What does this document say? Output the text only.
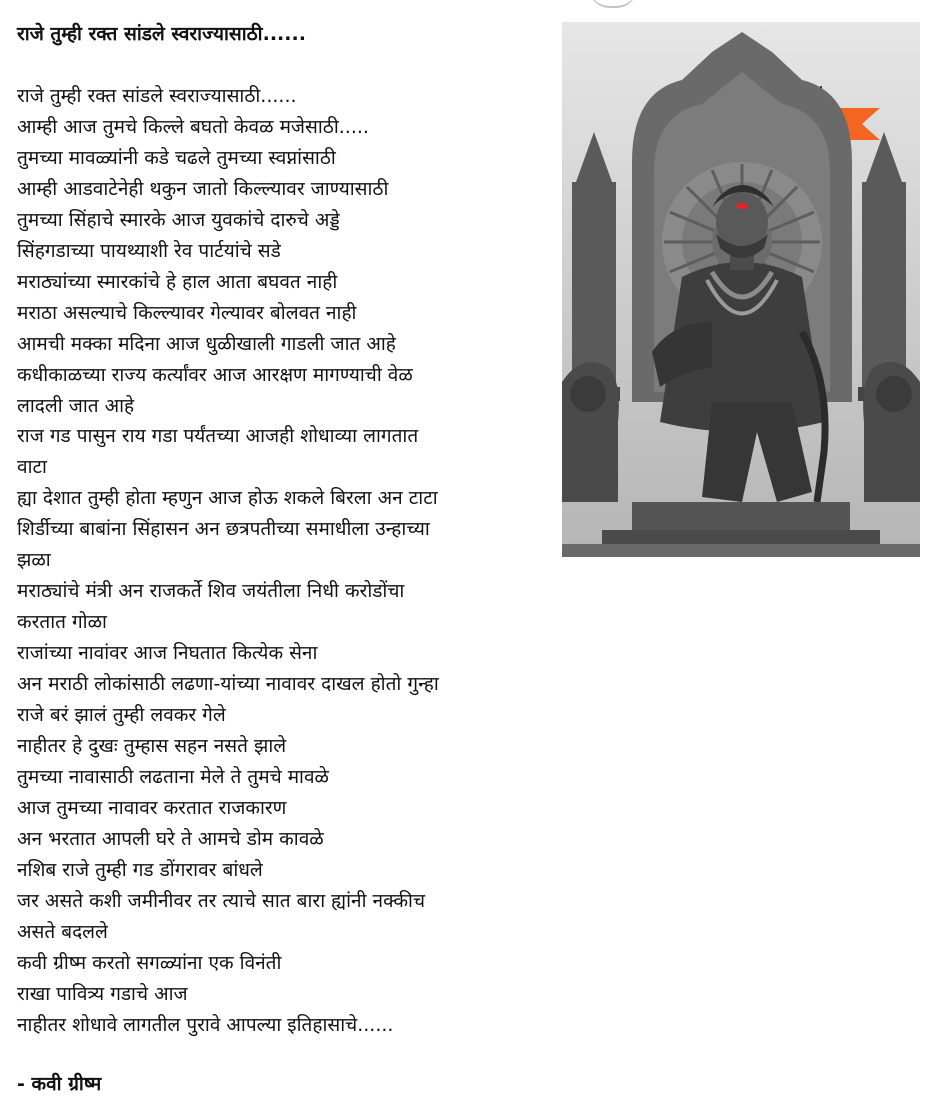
राजे तुम्ही रक्त सांडले स्वराज्यासाठी......
राजे तुम्ही रक्त सांडले स्वराज्यासाठी......
आम्ही आज तुमचे किल्ले बघतो केवळ मजेसाठी.....
तुमच्या मावळ्यांनी कडे चढले तुमच्या स्वप्नांसाठी
आम्ही आडवाटेनेही थकुन जातो किल्ल्यावर जाण्यासाठी
तुमच्या सिंहाचे स्मारके आज युवकांचे दारुचे अड्डे
सिंहगडाच्या पायथ्याशी रेव पार्टयांचे सडे
मराठ्यांच्या स्मारकांचे हे हाल आता बघवत नाही
मराठा असल्याचे किल्ल्यावर गेल्यावर बोलवत नाही
आमची मक्का मदिना आज धुळीखाली गाडली जात आहे
कधीकाळच्या राज्य कर्त्यांवर आज आरक्षण मागण्याची वेळ
लादली जात आहे
राज गड पासुन राय गडा पर्यंतच्या आजही शोधाव्या लागतात
वाटा
ह्या देशात तुम्ही होता म्हणुन आज होऊ शकले बिरला अन टाटा
शिर्डीच्या बाबांना सिंहासन अन छत्रपतीच्या समाधीला उन्हाच्या
झळा
मराठ्यांचे मंत्री अन राजकर्ते शिव जयंतीला निधी करोडोंचा
करतात गोळा
राजांच्या नावांवर आज निघतात कित्येक सेना
अन मराठी लोकांसाठी लढणा-यांच्या नावावर दाखल होतो गुन्हा
राजे बरं झालं तुम्ही लवकर गेले
नाहीतर हे दुखः तुम्हास सहन नसते झाले
तुमच्या नावासाठी लढताना मेले ते तुमचे मावळे
आज तुमच्या नावावर करतात राजकारण
अन भरतात आपली घरे ते आमचे डोम कावळे
नशिब राजे तुम्ही गड डोंगरावर बांधले
जर असते कशी जमीनीवर तर त्याचे सात बारा ह्यांनी नक्कीच
असते बदलले
कवी ग्रीष्म करतो सगळ्यांना एक विनंती
राखा पावित्र्य गडाचे आज
नाहीतर शोधावे लागतील पुरावे आपल्या इतिहासाचे......

- कवी ग्रीष्म
